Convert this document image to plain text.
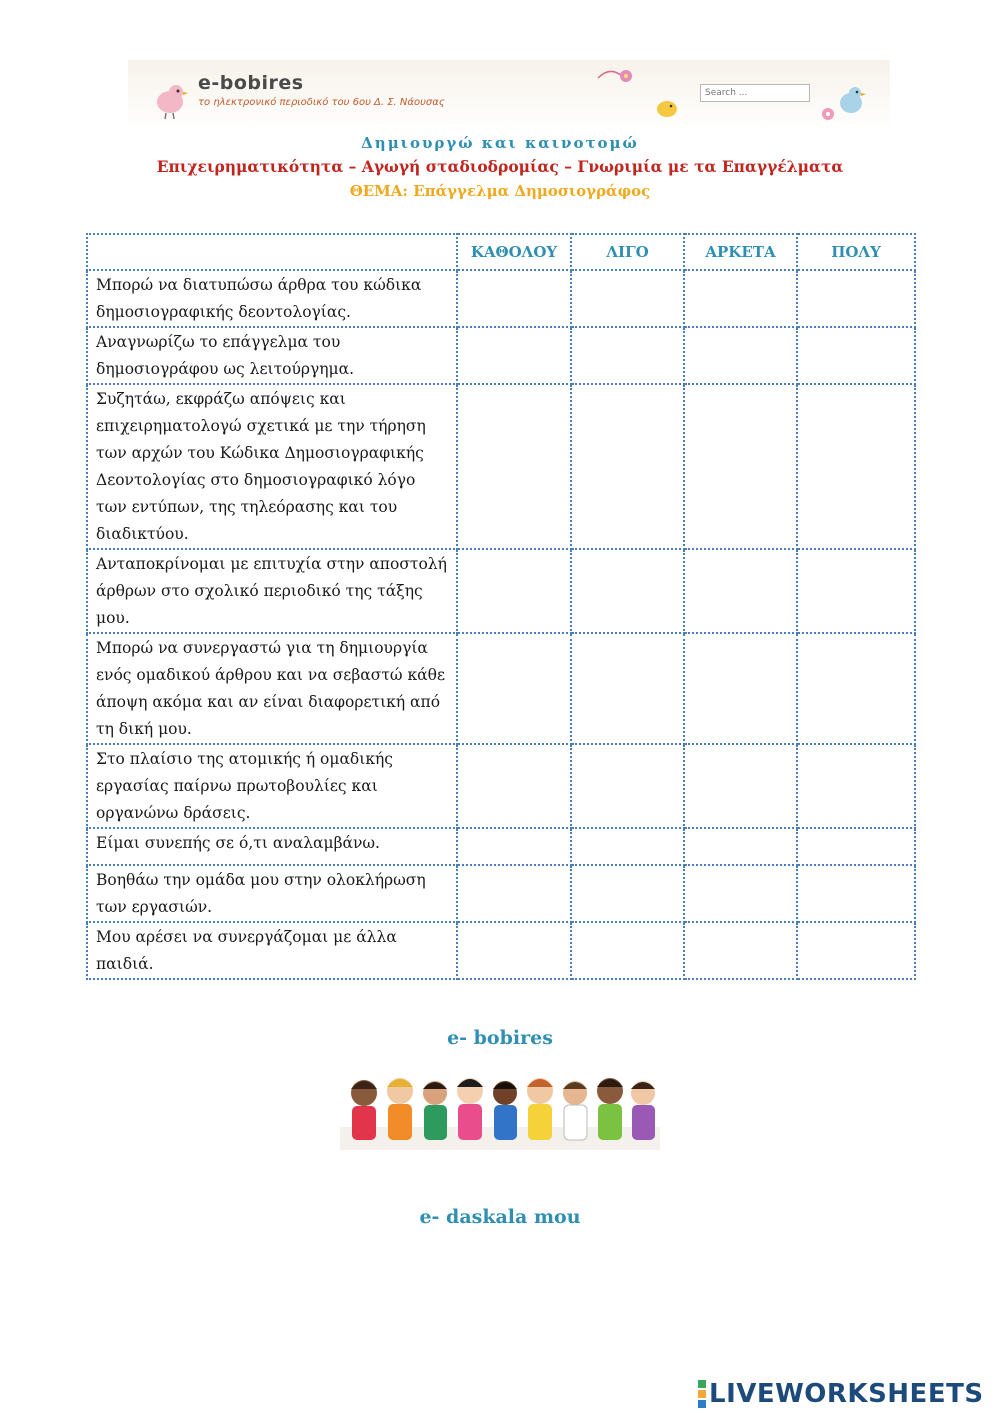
e-bobires
το ηλεκτρονικό περιοδικό του 6ου Δ. Σ. Νάουσας
Search ...
Δημιουργώ και καινοτομώ
Επιχειρηματικότητα – Αγωγή σταδιοδρομίας – Γνωριμία με τα Επαγγέλματα
ΘΕΜΑ: Επάγγελμα Δημοσιογράφος
	ΚΑΘΟΛΟΥ	ΛΙΓΟ	ΑΡΚΕΤΑ	ΠΟΛΥ
Μπορώ να διατυπώσω άρθρα του κώδικα δημοσιογραφικής δεοντολογίας.				
Αναγνωρίζω το επάγγελμα του δημοσιογράφου ως λειτούργημα.				
Συζητάω, εκφράζω απόψεις και επιχειρηματολογώ σχετικά με την τήρηση των αρχών του Κώδικα Δημοσιογραφικής Δεοντολογίας στο δημοσιογραφικό λόγο των εντύπων, της τηλεόρασης και του διαδικτύου.				
Ανταποκρίνομαι με επιτυχία στην αποστολή άρθρων στο σχολικό περιοδικό της τάξης μου.				
Μπορώ να συνεργαστώ για τη δημιουργία ενός ομαδικού άρθρου και να σεβαστώ κάθε άποψη ακόμα και αν είναι διαφορετική από τη δική μου.				
Στο πλαίσιο της ατομικής ή ομαδικής εργασίας παίρνω πρωτοβουλίες και οργανώνω δράσεις.				
Είμαι συνεπής σε ό,τι αναλαμβάνω.				
Βοηθάω την ομάδα μου στην ολοκλήρωση των εργασιών.				
Μου αρέσει να συνεργάζομαι με άλλα παιδιά.				
e- bobires
e- daskala mou
LIVEWORKSHEETS
